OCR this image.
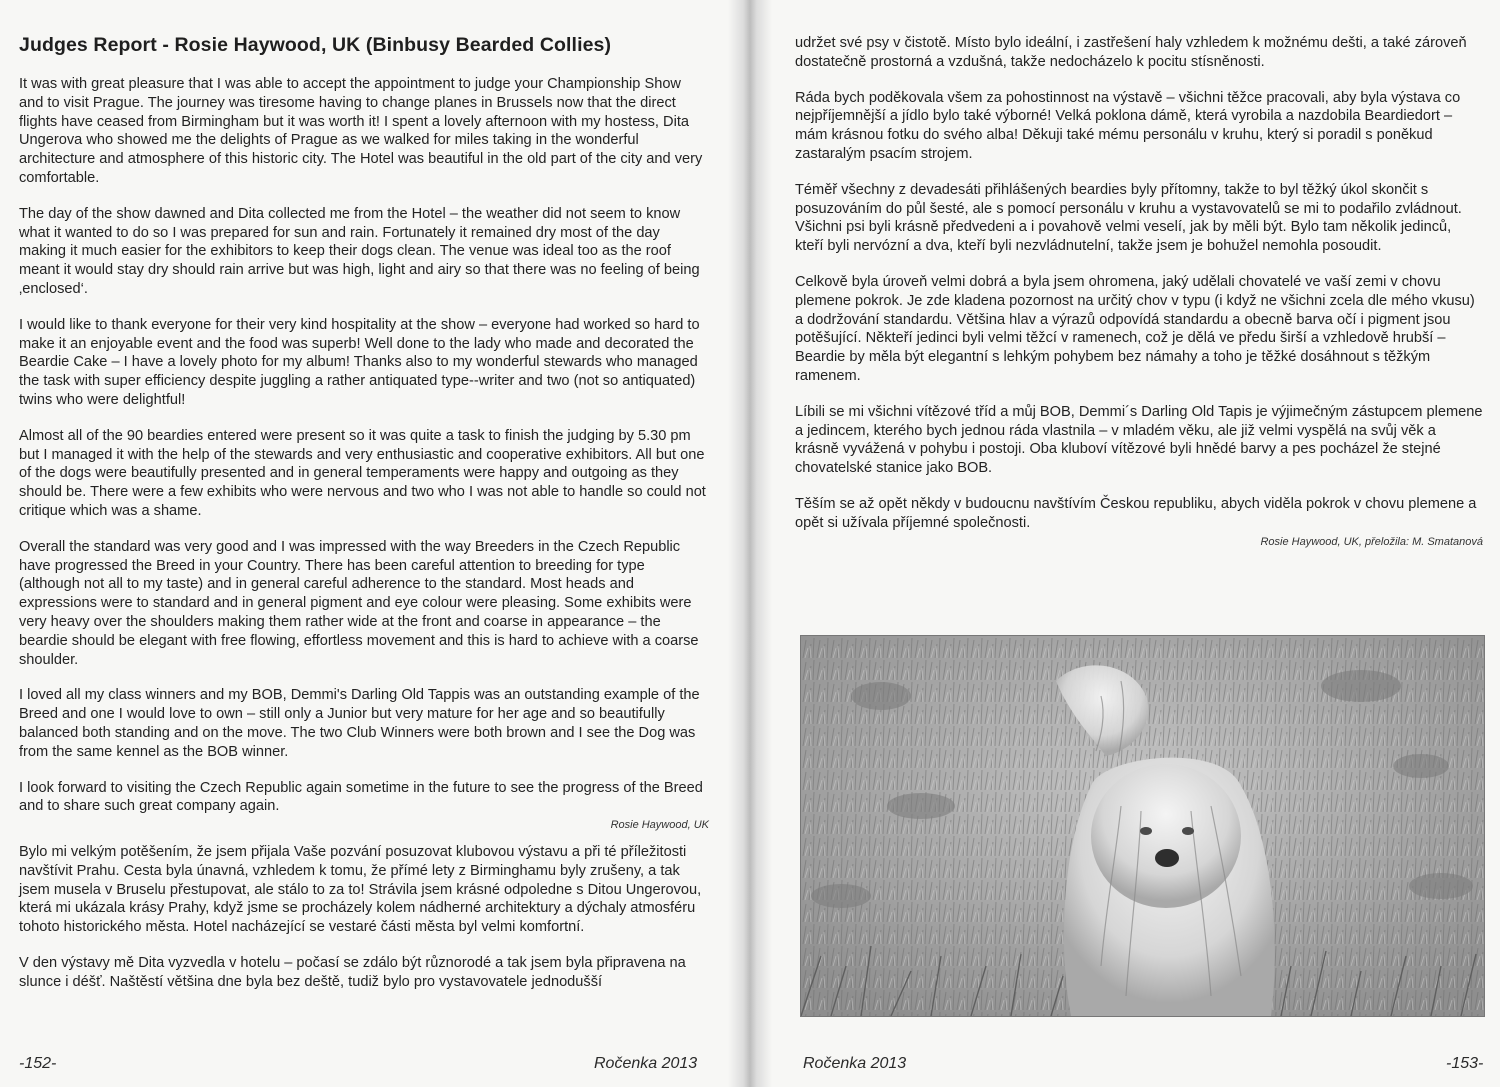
Judges Report - Rosie Haywood, UK (Binbusy Bearded Collies)

It was with great pleasure that I was able to accept the appointment to judge your Championship Show and to visit Prague. The journey was tiresome having to change planes in Brussels now that the direct flights have ceased from Birmingham but it was worth it! I spent a lovely afternoon with my hostess, Dita Ungerova who showed me the delights of Prague as we walked for miles taking in the wonderful architecture and atmosphere of this historic city. The Hotel was beautiful in the old part of the city and very comfortable.

The day of the show dawned and Dita collected me from the Hotel – the weather did not seem to know what it wanted to do so I was prepared for sun and rain. Fortunately it remained dry most of the day making it much easier for the exhibitors to keep their dogs clean. The venue was ideal too as the roof meant it would stay dry should rain arrive but was high, light and airy so that there was no feeling of being ‚enclosed‘.

I would like to thank everyone for their very kind hospitality at the show – everyone had worked so hard to make it an enjoyable event and the food was superb! Well done to the lady who made and decorated the Beardie Cake – I have a lovely photo for my album! Thanks also to my wonderful stewards who managed the task with super efficiency despite juggling a rather antiquated type--writer and two (not so antiquated) twins who were delightful!

Almost all of the 90 beardies entered were present so it was quite a task to finish the judging by 5.30 pm but I managed it with the help of the stewards and very enthusiastic and cooperative exhibitors. All but one of the dogs were beautifully presented and in general temperaments were happy and outgoing as they should be. There were a few exhibits who were nervous and two who I was not able to handle so could not critique which was a shame.

Overall the standard was very good and I was impressed with the way Breeders in the Czech Republic have progressed the Breed in your Country. There has been careful attention to breeding for type (although not all to my taste) and in general careful adherence to the standard. Most heads and expressions were to standard and in general pigment and eye colour were pleasing. Some exhibits were very heavy over the shoulders making them rather wide at the front and coarse in appearance – the beardie should be elegant with free flowing, effortless movement and this is hard to achieve with a coarse shoulder.

I loved all my class winners and my BOB, Demmi's Darling Old Tappis was an outstanding example of the Breed and one I would love to own – still only a Junior but very mature for her age and so beautifully balanced both standing and on the move. The two Club Winners were both brown and I see the Dog was from the same kennel as the BOB winner.

I look forward to visiting the Czech Republic again sometime in the future to see the progress of the Breed and to share such great company again.

Rosie Haywood, UK

Bylo mi velkým potěšením, že jsem přijala Vaše pozvání posuzovat klubovou výstavu a při té příležitosti navštívit Prahu. Cesta byla únavná, vzhledem k tomu, že přímé lety z Birminghamu byly zrušeny, a tak jsem musela v Bruselu přestupovat, ale stálo to za to! Strávila jsem krásné odpoledne s Ditou Ungerovou, která mi ukázala krásy Prahy, když jsme se procházely kolem nádherné architektury a dýchaly atmosféru tohoto historického města. Hotel nacházející se vestaré části města byl velmi komfortní.

V den výstavy mě Dita vyzvedla v hotelu – počasí se zdálo být různorodé a tak jsem byla připravena na slunce i déšť. Naštěstí většina dne byla bez deště, tudiž bylo pro vystavovatele jednodušší

-152-	Ročenka 2013

udržet své psy v čistotě. Místo bylo ideální, i zastřešení haly vzhledem k možnému dešti, a také zároveň dostatečně prostorná a vzdušná, takže nedocházelo k pocitu stísněnosti.

Ráda bych poděkovala všem za pohostinnost na výstavě – všichni těžce pracovali, aby byla výstava co nejpříjemnější a jídlo bylo také výborné! Velká poklona dámě, která vyrobila a nazdobila Beardiedort – mám krásnou fotku do svého alba! Děkuji také mému personálu v kruhu, který si poradil s poněkud zastaralým psacím strojem.

Téměř všechny z devadesáti přihlášených beardies byly přítomny, takže to byl těžký úkol skončit s posuzováním do půl šesté, ale s pomocí personálu v kruhu a vystavovatelů se mi to podařilo zvládnout. Všichni psi byli krásně předvedeni a i povahově velmi veselí, jak by měli být. Bylo tam několik jedinců, kteří byli nervózní a dva, kteří byli nezvládnutelní, takže jsem je bohužel nemohla posoudit.

Celkově byla úroveň velmi dobrá a byla jsem ohromena, jaký udělali chovatelé ve vaší zemi v chovu plemene pokrok. Je zde kladena pozornost na určitý chov v typu (i když ne všichni zcela dle mého vkusu) a dodržování standardu. Většina hlav a výrazů odpovídá standardu a obecně barva očí i pigment jsou potěšující. Někteří jedinci byli velmi těžcí v ramenech, což je dělá ve předu širší a vzhledově hrubší – Beardie by měla být elegantní s lehkým pohybem bez námahy a toho je těžké dosáhnout s těžkým ramenem.

Líbili se mi všichni vítězové tříd a můj BOB, Demmi´s Darling Old Tapis je výjimečným zástupcem plemene a jedincem, kterého bych jednou ráda vlastnila – v mladém věku, ale již velmi vyspělá na svůj věk a krásně vyvážená v pohybu i postoji. Oba kluboví vítězové byli hnědé barvy a pes pocházel že stejné chovatelské stanice jako BOB.

Těším se až opět někdy v budoucnu navštívím Českou republiku, abych viděla pokrok v chovu plemene a opět si užívala příjemné společnosti.

Rosie Haywood, UK, přeložila: M. Smatanová
Ročenka 2013	-153-
